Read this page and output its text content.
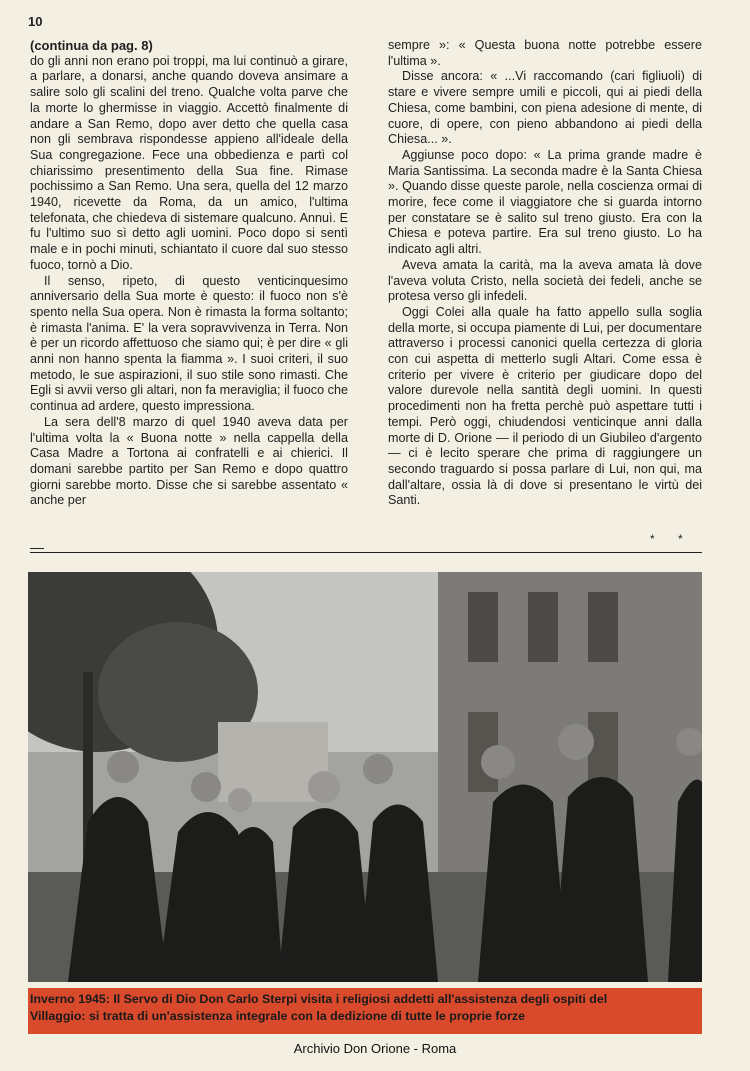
10

(continua da pag. 8)

do gli anni non erano poi troppi, ma lui continuò a girare, a parlare, a donarsi, anche quando doveva ansimare a salire solo gli scalini del treno. Qualche volta parve che la morte lo ghermisse in viaggio. Accettò finalmente di andare a San Remo, dopo aver detto che quella casa non gli sembrava rispondesse appieno all'ideale della Sua congregazione. Fece una obbedienza e partì col chiarissimo presentimento della Sua fine. Rimase pochissimo a San Remo. Una sera, quella del 12 marzo 1940, ricevette da Roma, da un amico, l'ultima telefonata, che chiedeva di sistemare qualcuno. Annuì. E fu l'ultimo suo sì detto agli uomini. Poco dopo si sentì male e in pochi minuti, schiantato il cuore dal suo stesso fuoco, tornò a Dio.

Il senso, ripeto, di questo venticinquesimo anniversario della Sua morte è questo: il fuoco non s'è spento nella Sua opera. Non è rimasta la forma soltanto; è rimasta l'anima. E' la vera sopravvivenza in Terra. Non è per un ricordo affettuoso che siamo qui; è per dire « gli anni non hanno spenta la fiamma ». I suoi criteri, il suo metodo, le sue aspirazioni, il suo stile sono rimasti. Che Egli si avvii verso gli altari, non fa meraviglia; il fuoco che continua ad ardere, questo impressiona.

La sera dell'8 marzo di quel 1940 aveva data per l'ultima volta la « Buona notte » nella cappella della Casa Madre a Tortona ai confratelli e ai chierici. Il domani sarebbe partito per San Remo e dopo quattro giorni sarebbe morto. Disse che si sarebbe assentato « anche per

sempre »: « Questa buona notte potrebbe essere l'ultima ».

Disse ancora: « ...Vi raccomando (cari figliuoli) di stare e vivere sempre umili e piccoli, qui ai piedi della Chiesa, come bambini, con piena adesione di mente, di cuore, di opere, con pieno abbandono ai piedi della Chiesa... ».

Aggiunse poco dopo: « La prima grande madre è Maria Santissima. La seconda madre è la Santa Chiesa ». Quando disse queste parole, nella coscienza ormai di morire, fece come il viaggiatore che si guarda intorno per constatare se è salito sul treno giusto. Era con la Chiesa e poteva partire. Era sul treno giusto. Lo ha indicato agli altri.

Aveva amata la carità, ma la aveva amata là dove l'aveva voluta Cristo, nella società dei fedeli, anche se protesa verso gli infedeli.

Oggi Colei alla quale ha fatto appello sulla soglia della morte, si occupa piamente di Lui, per documentare attraverso i processi canonici quella certezza di gloria con cui aspetta di metterlo sugli Altari. Come essa è criterio per vivere è criterio per giudicare dopo del valore durevole nella santità degli uomini. In questi procedimenti non ha fretta perchè può aspettare tutti i tempi. Però oggi, chiudendosi venticinque anni dalla morte di D. Orione — il periodo di un Giubileo d'argento — ci è lecito sperare che prima di raggiungere un secondo traguardo si possa parlare di Lui, non qui, ma dall'altare, ossia là di dove si presentano le virtù dei Santi.

* *
Inverno 1945: Il Servo di Dio Don Carlo Sterpi visita i religiosi addetti all'assistenza degli ospiti del
Villaggio: si tratta di un'assistenza integrale con la dedizione di tutte le proprie forze
Archivio Don Orione - Roma
